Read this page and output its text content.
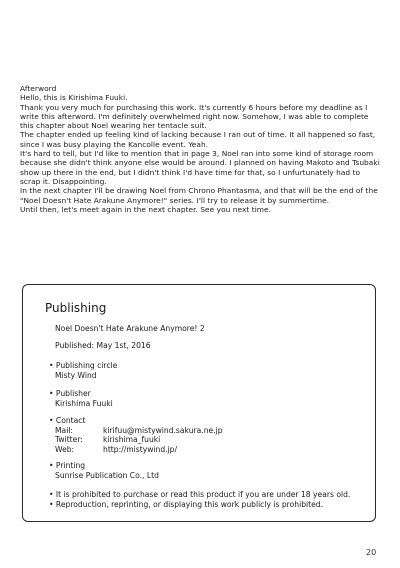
Afterword

Hello, this is Kirishima Fuuki.

Thank you very much for purchasing this work. It's currently 6 hours before my deadline as I write this afterword. I'm definitely overwhelmed right now. Somehow, I was able to complete this chapter about Noel wearing her tentacle suit.

The chapter ended up feeling kind of lacking because I ran out of time. It all happened so fast, since I was busy playing the Kancolle event. Yeah.

It's hard to tell, but I'd like to mention that in page 3, Noel ran into some kind of storage room because she didn't think anyone else would be around. I planned on having Makoto and Tsubaki show up there in the end, but I didn't think I'd have time for that, so I unfurtunately had to scrap it. Disappointing.

In the next chapter I'll be drawing Noel from Chrono Phantasma, and that will be the end of the "Noel Doesn't Hate Arakune Anymore!" series. I'll try to release it by summertime.

Until then, let's meet again in the next chapter. See you next time.

Publishing
Noel Doesn't Hate Arakune Anymore! 2
Published: May 1st, 2016
• Publishing circle
Misty Wind
• Publisher
Kirishima Fuuki
• Contact
Mail:	kirifuu@mistywind.sakura.ne.jp
Twitter:	kirishima_fuuki
Web:	http://mistywind.jp/
• Printing
Sunrise Publication Co., Ltd
• It is prohibited to purchase or read this product if you are under 18 years old.
• Reproduction, reprinting, or displaying this work publicly is prohibited.
20
